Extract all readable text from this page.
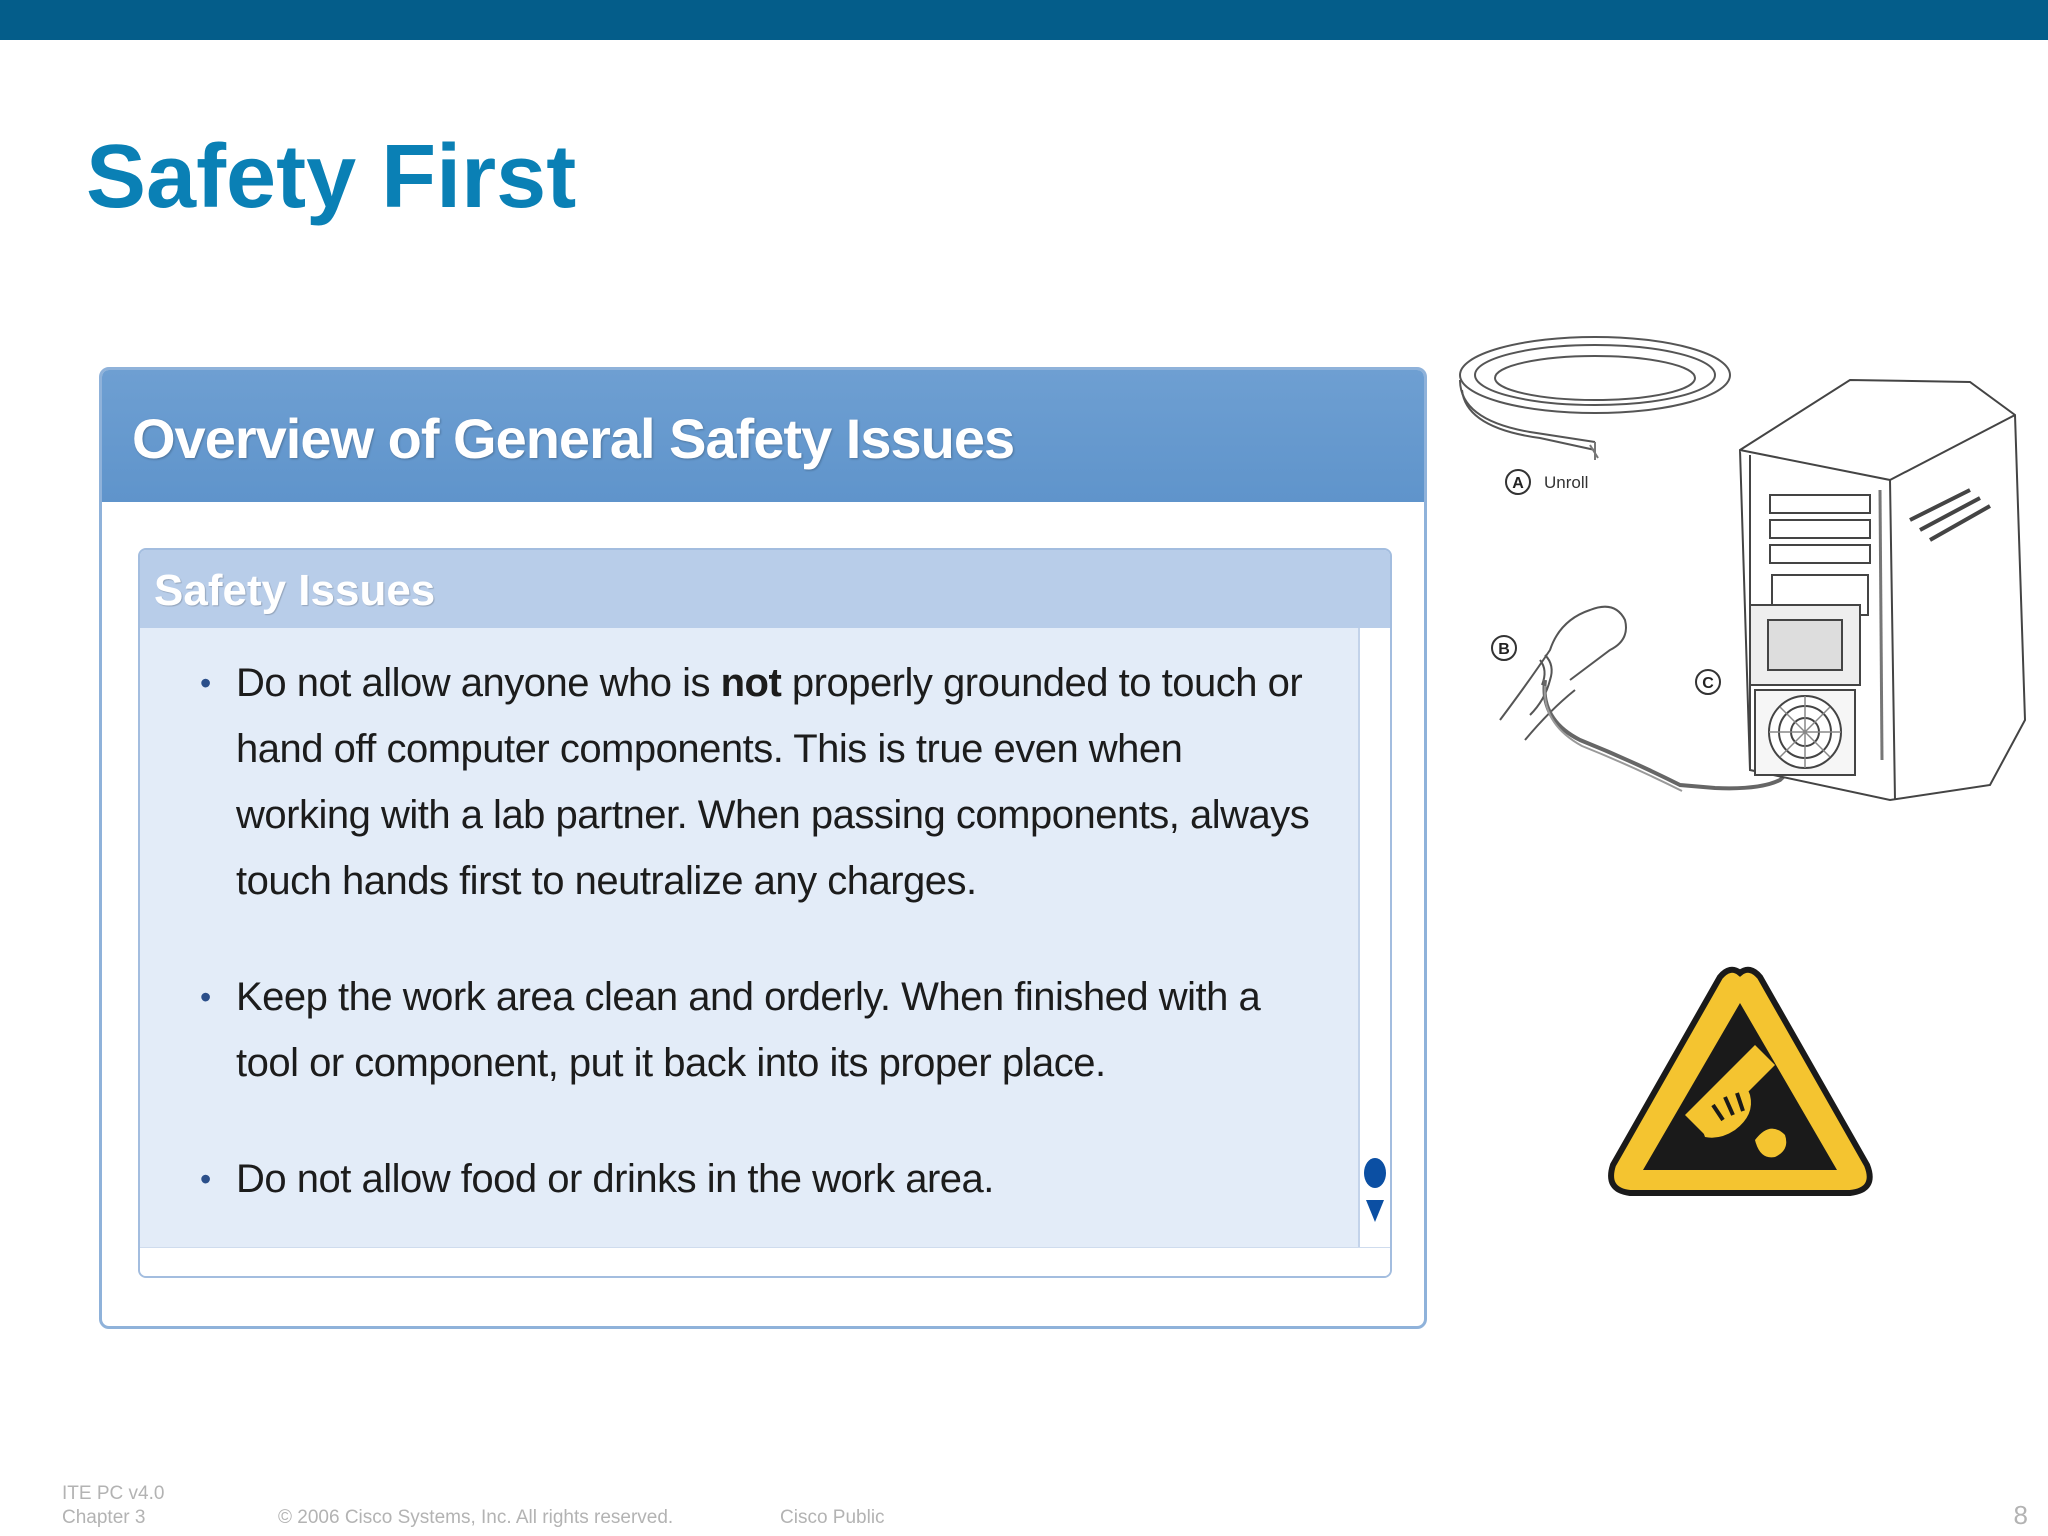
Safety First
Overview of General Safety Issues
Safety Issues
• Do not allow anyone who is not properly grounded to touch or hand off computer components. This is true even when working with a lab partner. When passing components, always touch hands first to neutralize any charges.
• Keep the work area clean and orderly. When finished with a tool or component, put it back into its proper place.
• Do not allow food or drinks in the work area.
A Unroll
B
C
ITE PC v4.0
Chapter 3	© 2006 Cisco Systems, Inc. All rights reserved.	Cisco Public	8
